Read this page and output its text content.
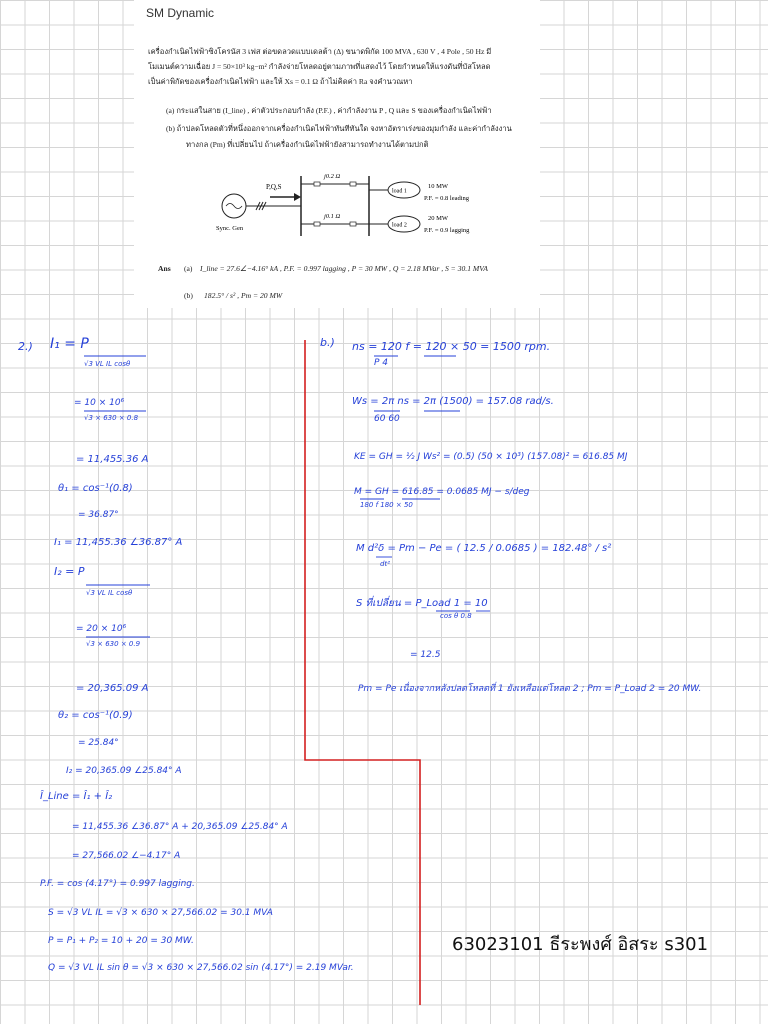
SM Dynamic
เครื่องกำเนิดไฟฟ้าซิงโครนัส 3 เฟส ต่อขดลวดแบบเดลต้า (Δ) ขนาดพิกัด 100 MVA , 630 V , 4 Pole , 50 Hz มี
โมเมนต์ความเฉื่อย J = 50×10³ kg−m² กำลังจ่ายโหลดอยู่ตามภาพที่แสดงไว้ โดยกำหนดให้แรงดันที่บัสโหลด
เป็นค่าพิกัดของเครื่องกำเนิดไฟฟ้า และให้ Xs = 0.1 Ω ถ้าไม่คิดค่า Ra จงคำนวณหา
(a) กระแสในสาย (I_line) , ค่าตัวประกอบกำลัง (P.F.) , ค่ากำลังงาน P , Q และ S ของเครื่องกำเนิดไฟฟ้า
(b) ถ้าปลดโหลดตัวที่หนึ่งออกจากเครื่องกำเนิดไฟฟ้าทันทีทันใด จงหาอัตราเร่งของมุมกำลัง และค่ากำลังงาน
ทางกล (Pm) ที่เปลี่ยนไป ถ้าเครื่องกำเนิดไฟฟ้ายังสามารถทำงานได้ตามปกติ
P,Q,S
j0.2 Ω
j0.1 Ω
load 1
load 2
10 MW
P.F. = 0.8 leading
20 MW
P.F. = 0.9 lagging
Sync. Gen
Ans (a) I_line = 27.6∠−4.16° kA , P.F. = 0.997 lagging , P = 30 MW , Q = 2.18 MVar , S = 30.1 MVA
(b) 182.5° / s² , Pm = 20 MW
2.) I₁ = P
√3 VL IL cosθ
= 10 × 10⁶
√3 × 630 × 0.8
= 11,455.36 A
θ₁ = cos⁻¹(0.8)
= 36.87°
I₁ = 11,455.36 ∠36.87° A
I₂ = P
√3 VL IL cosθ
= 20 × 10⁶
√3 × 630 × 0.9
= 20,365.09 A
θ₂ = cos⁻¹(0.9)
= 25.84°
I₂ = 20,365.09 ∠25.84° A
Î_Line = Î₁ + Î₂
= 11,455.36 ∠36.87° A + 20,365.09 ∠25.84° A
= 27,566.02 ∠−4.17° A
P.F. = cos (4.17°) = 0.997 lagging.
S = √3 VL IL = √3 × 630 × 27,566.02 = 30.1 MVA
P = P₁ + P₂ = 10 + 20 = 30 MW.
Q = √3 VL IL sin θ = √3 × 630 × 27,566.02 sin (4.17°) = 2.19 MVar.
b.) ns = 120 f = 120 × 50 = 1500 rpm.
P 4
Ws = 2π ns = 2π (1500) = 157.08 rad/s.
60 60
KE = GH = ½ J Ws² = (0.5) (50 × 10³) (157.08)² = 616.85 MJ
M = GH = 616.85 = 0.0685 MJ − s/deg
180 f 180 × 50
M d²δ = Pm − Pe = ( 12.5 / 0.0685 ) = 182.48° / s²
dt²
S ที่เปลี่ยน = P_Load 1 = 10
cos θ 0.8
= 12.5
Pm = Pe เนื่องจากหลังปลดโหลดที่ 1 ยังเหลือแต่โหลด 2 ; Pm = P_Load 2 = 20 MW.
63023101 ธีระพงศ์ อิสระ s301
